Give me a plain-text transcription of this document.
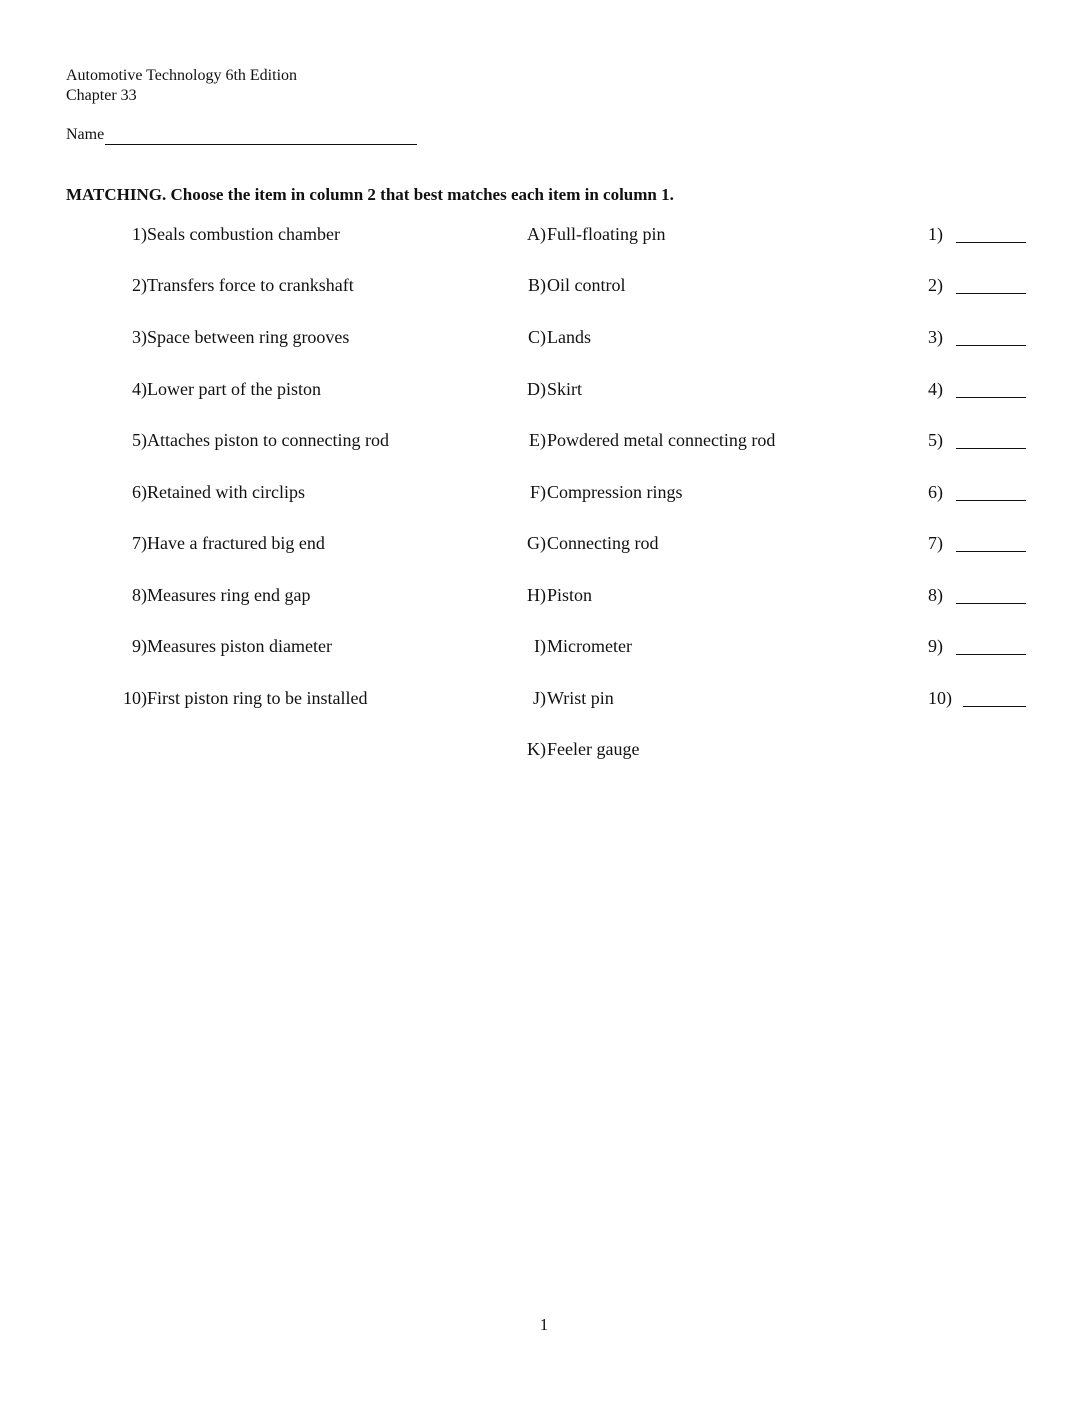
Automotive Technology 6th Edition
Chapter 33
Name
MATCHING. Choose the item in column 2 that best matches each item in column 1.
1) Seals combustion chamber	A) Full-floating pin	1)
2) Transfers force to crankshaft	B) Oil control	2)
3) Space between ring grooves	C) Lands	3)
4) Lower part of the piston	D) Skirt	4)
5) Attaches piston to connecting rod	E) Powdered metal connecting rod	5)
6) Retained with circlips	F) Compression rings	6)
7) Have a fractured big end	G) Connecting rod	7)
8) Measures ring end gap	H) Piston	8)
9) Measures piston diameter	I) Micrometer	9)
10) First piston ring to be installed	J) Wrist pin	10)
K) Feeler gauge
1
